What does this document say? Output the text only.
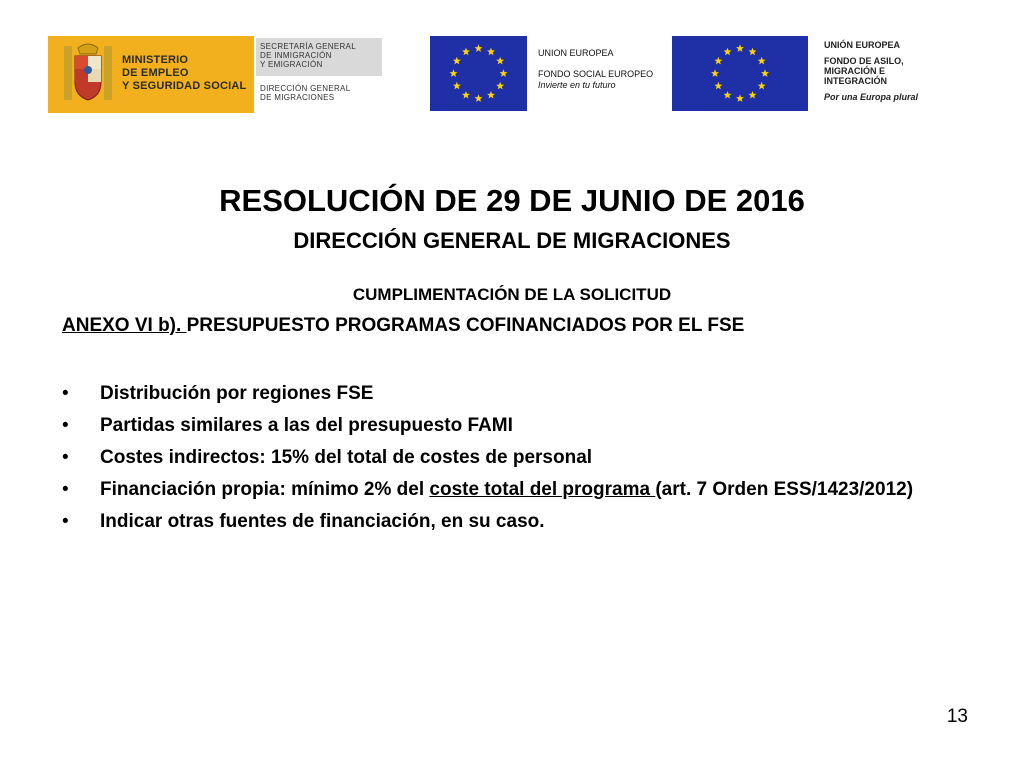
MINISTERIO
DE EMPLEO
Y SEGURIDAD SOCIAL
SECRETARÍA GENERAL
DE INMIGRACIÓN
Y EMIGRACIÓN
DIRECCIÓN GENERAL
DE MIGRACIONES
UNION EUROPEA
FONDO SOCIAL EUROPEO
Invierte en tu futuro
UNIÓN EUROPEA
FONDO DE ASILO,
MIGRACIÓN E
INTEGRACIÓN
Por una Europa plural
RESOLUCIÓN DE 29 DE JUNIO DE 2016
DIRECCIÓN GENERAL DE MIGRACIONES
CUMPLIMENTACIÓN DE LA SOLICITUD
ANEXO VI b). PRESUPUESTO PROGRAMAS COFINANCIADOS POR EL FSE
• Distribución por regiones FSE
• Partidas similares a las del presupuesto FAMI
• Costes indirectos: 15% del total de costes de personal
• Financiación propia: mínimo 2% del coste total del programa (art. 7 Orden ESS/1423/2012)
• Indicar otras fuentes de financiación, en su caso.
13
